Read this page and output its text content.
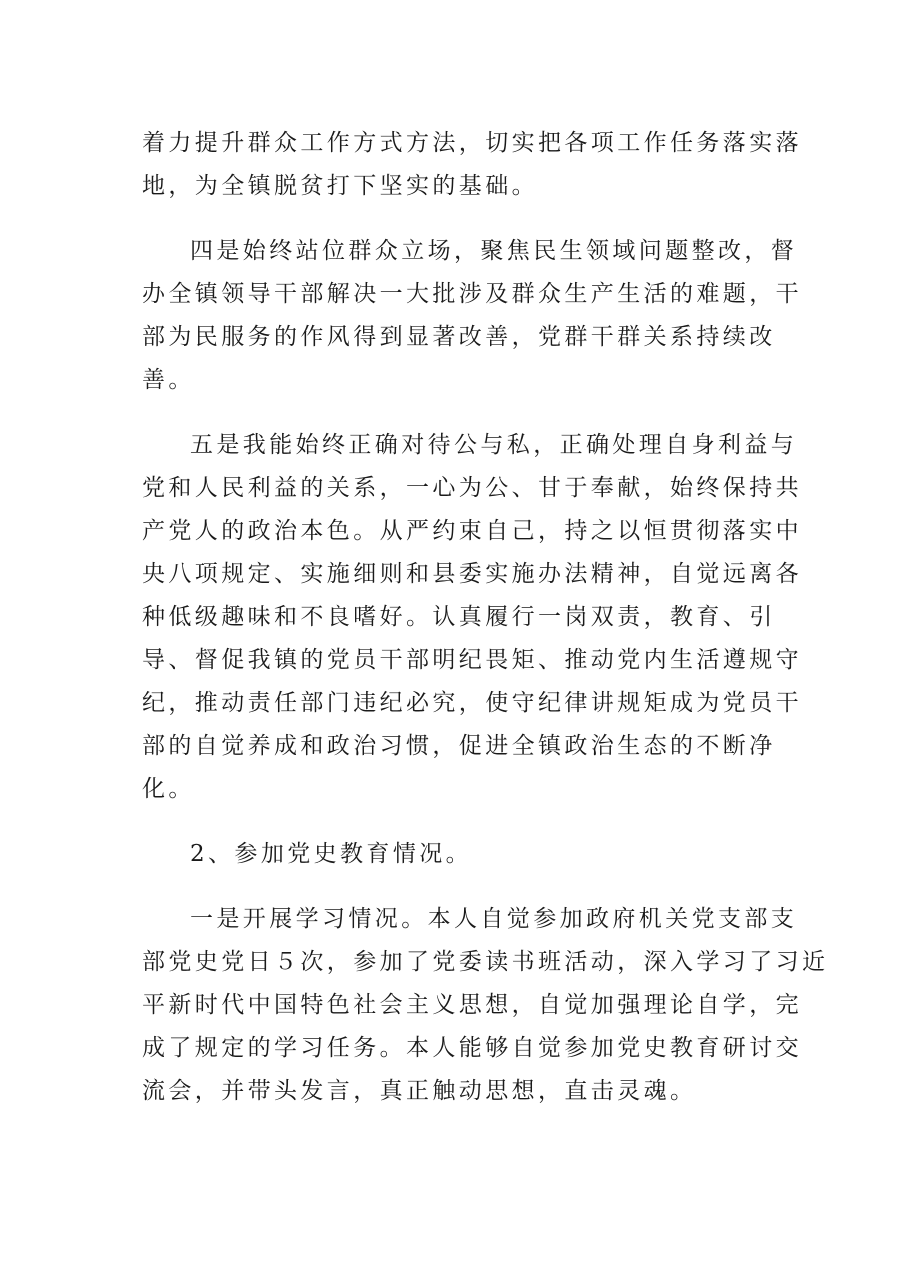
着力提升群众工作方式方法，切实把各项工作任务落实落
地，为全镇脱贫打下坚实的基础。

四是始终站位群众立场，聚焦民生领域问题整改，督
办全镇领导干部解决一大批涉及群众生产生活的难题，干
部为民服务的作风得到显著改善，党群干群关系持续改
善。

五是我能始终正确对待公与私，正确处理自身利益与
党和人民利益的关系，一心为公、甘于奉献，始终保持共
产党人的政治本色。从严约束自己，持之以恒贯彻落实中
央八项规定、实施细则和县委实施办法精神，自觉远离各
种低级趣味和不良嗜好。认真履行一岗双责，教育、引
导、督促我镇的党员干部明纪畏矩、推动党内生活遵规守
纪，推动责任部门违纪必究，使守纪律讲规矩成为党员干
部的自觉养成和政治习惯，促进全镇政治生态的不断净
化。

2、参加党史教育情况。

一是开展学习情况。本人自觉参加政府机关党支部支
部党史党日５次，参加了党委读书班活动，深入学习了习近
平新时代中国特色社会主义思想，自觉加强理论自学，完
成了规定的学习任务。本人能够自觉参加党史教育研讨交
流会，并带头发言，真正触动思想，直击灵魂。
